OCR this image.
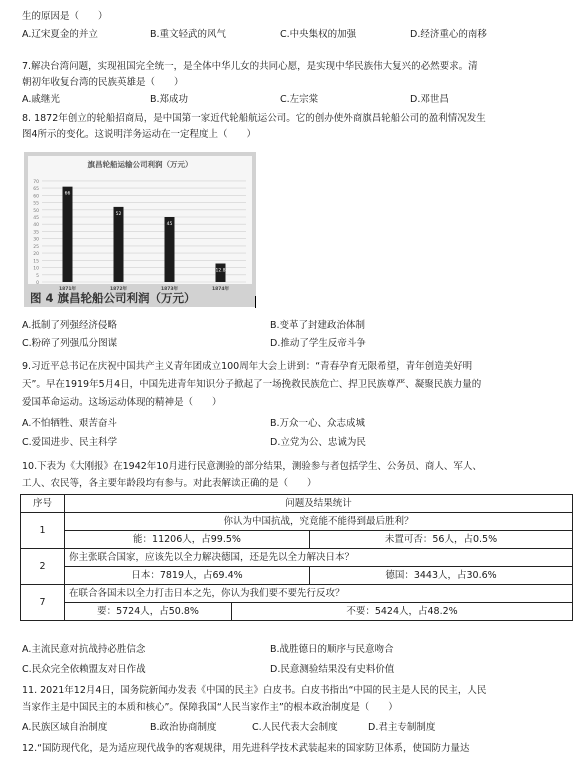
生的原因是（　　）
7.解决台湾问题，实现祖国完全统一，是全体中华儿女的共同心愿，是实现中华民族伟大复兴的必然要求。清
朝初年收复台湾的民族英雄是（　　）
8. 1872年创立的轮船招商局，是中国第一家近代轮船航运公司。它的创办使外商旗昌轮船公司的盈利情况发生
图4所示的变化。这说明洋务运动在一定程度上（　　）
9.习近平总书记在庆祝中国共产主义青年团成立100周年大会上讲到：“青春孕育无限希望，青年创造美好明
天”。早在1919年5月4日，中国先进青年知识分子掀起了一场挽救民族危亡、捍卫民族尊严、凝聚民族力量的
爱国革命运动。这场运动体现的精神是（　　）
10.下表为《大刚报》在1942年10月进行民意测验的部分结果，测验参与者包括学生、公务员、商人、军人、
工人、农民等，各主要年龄段均有参与。对此表解读正确的是（　　）
11. 2021年12月4日，国务院新闻办发表《中国的民主》白皮书。白皮书指出“中国的民主是人民的民主，人民
当家作主是中国民主的本质和核心”。保障我国“人民当家作主”的根本政治制度是（　　）
12.“国防现代化，是为适应现代战争的客观规律，用先进科学技术武装起来的国家防卫体系，使国防力量达
A.辽宋夏金的并立	B.重文轻武的风气	C.中央集权的加强	D.经济重心的南移
A.戚继光	B.郑成功	C.左宗棠	D.邓世昌
A.抵制了列强经济侵略	B.变革了封建政治体制
C.粉碎了列强瓜分图谋	D.推动了学生反帝斗争
A.不怕牺牲、艰苦奋斗	B.万众一心、众志成城
C.爱国进步、民主科学	D.立党为公、忠诚为民
A.主流民意对抗战持必胜信念	B.战胜德日的顺序与民意吻合
C.民众完全依赖盟友对日作战	D.民意测验结果没有史料价值
A.民族区域自治制度	B.政治协商制度	C.人民代表大会制度	D.君主专制制度
旗昌轮船运输公司利润（万元）
0
5
10
15
20
25
30
35
40
45
50
55
60
65
70
66
1871年
52
1872年
45
1873年
12.8
1874年
图 4 旗昌轮船公司利润（万元）
序号	问题及结果统计			
1	你认为中国抗战，究竟能不能得到最后胜利？			
	能：11206人，占99.5%		未置可否：56人，占0.5%	
2	你主张联合国家，应该先以全力解决德国，还是先以全力解决日本？			
	日本：7819人，占69.4%		德国：3443人，占30.6%	
7	在联合各国未以全力打击日本之先，你认为我们要不要先行反攻？			
	要：5724人，占50.8%	不要：5424人，占48.2%	
